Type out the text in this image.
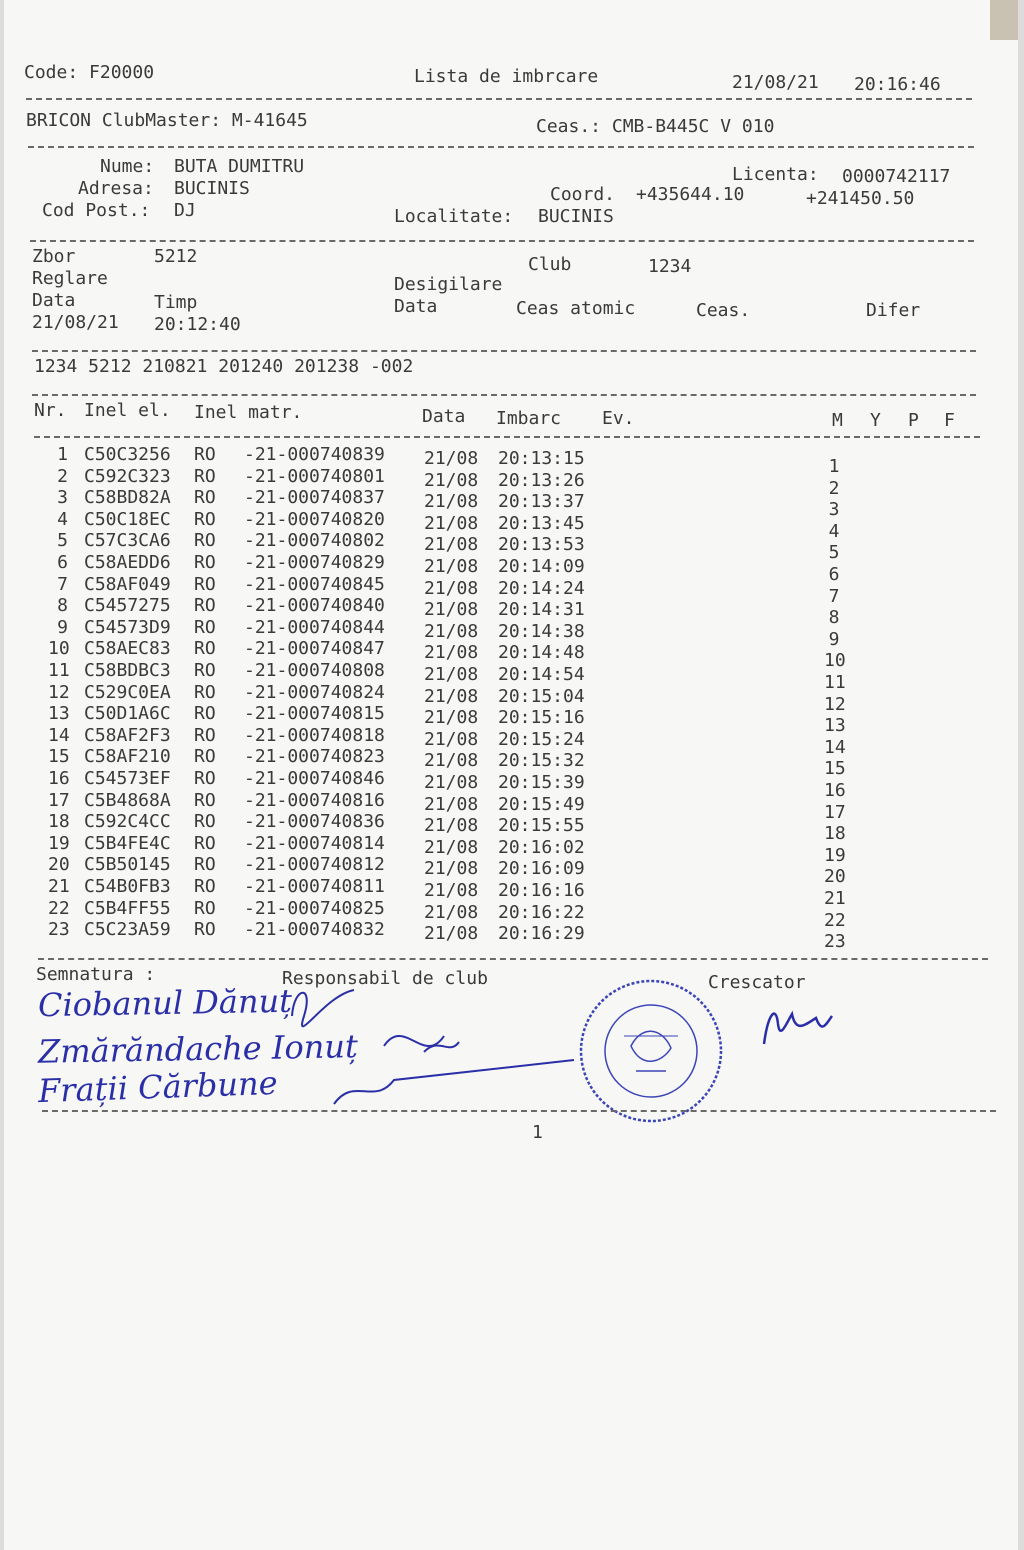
Code: F20000	Lista de imbrcare	21/08/21 20:16:46
BRICON ClubMaster: M-41645	Ceas.: CMB-B445C V 010
Nume: BUTA DUMITRU
Adresa: BUCINIS
Cod Post.: DJ
Licenta: 0000742117
Coord. +435644.10	+241450.50
Localitate: BUCINIS
Zbor	5212
Reglare
Data	Timp
21/08/21 20:12:40
Club	1234
Desigilare
Data	Ceas atomic	Ceas.	Difer
1234 5212 210821 201240 201238 -002
Nr. Inel el. Inel matr.	Data Imbarc Ev.	M Y P F
1 C50C3256 RO -21-000740839 21/08 20:13:15	1
2 C592C323 RO -21-000740801 21/08 20:13:26	2
3 C58BD82A RO -21-000740837 21/08 20:13:37	3
4 C50C18EC RO -21-000740820 21/08 20:13:45	4
5 C57C3CA6 RO -21-000740802 21/08 20:13:53	5
6 C58AEDD6 RO -21-000740829 21/08 20:14:09	6
7 C58AF049 RO -21-000740845 21/08 20:14:24	7
8 C5457275 RO -21-000740840 21/08 20:14:31	8
9 C54573D9 RO -21-000740844 21/08 20:14:38	9
10 C58AEC83 RO -21-000740847 21/08 20:14:48	10
11 C58BDBC3 RO -21-000740808 21/08 20:14:54	11
12 C529C0EA RO -21-000740824 21/08 20:15:04	12
13 C50D1A6C RO -21-000740815 21/08 20:15:16	13
14 C58AF2F3 RO -21-000740818 21/08 20:15:24	14
15 C58AF210 RO -21-000740823 21/08 20:15:32	15
16 C54573EF RO -21-000740846 21/08 20:15:39	16
17 C5B4868A RO -21-000740816 21/08 20:15:49	17
18 C592C4CC RO -21-000740836 21/08 20:15:55	18
19 C5B4FE4C RO -21-000740814 21/08 20:16:02	19
20 C5B50145 RO -21-000740812 21/08 20:16:09	20
21 C54B0FB3 RO -21-000740811 21/08 20:16:16	21
22 C5B4FF55 RO -21-000740825 21/08 20:16:22	22
23 C5C23A59 RO -21-000740832 21/08 20:16:29	23
Semnatura :	Responsabil de club	Crescator
Ciobanul Dănuț
Zmărăndache Ionuț
Frații Cărbune
1
